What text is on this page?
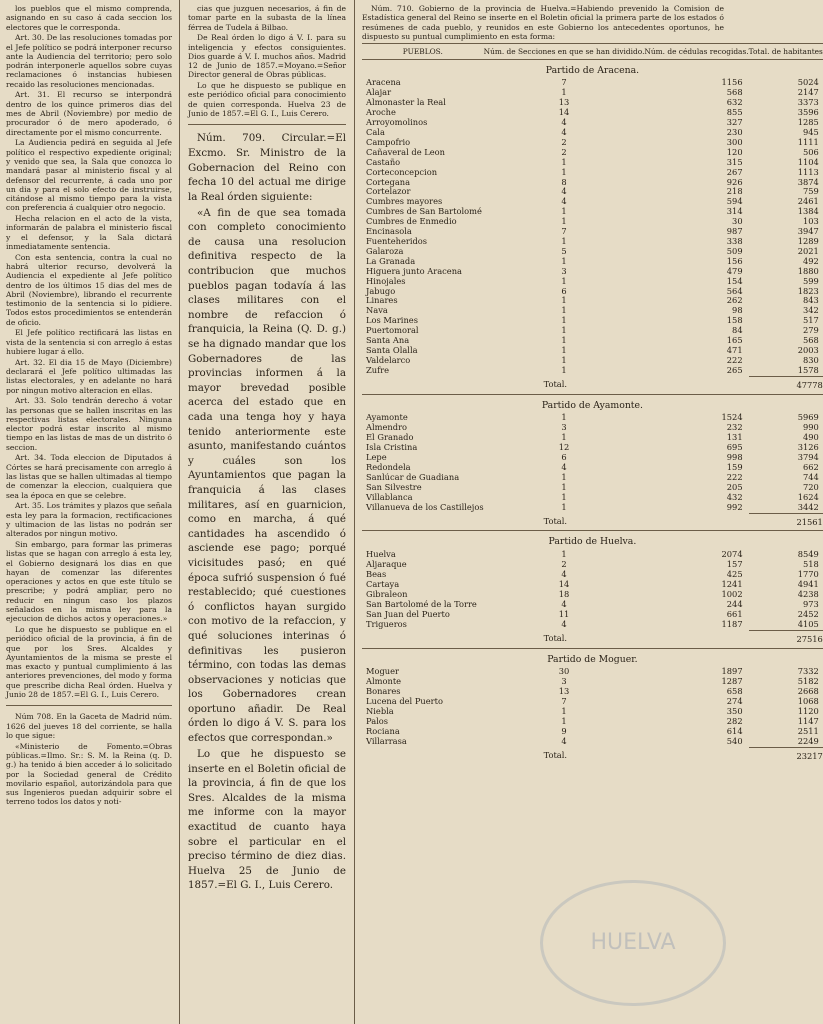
los pueblos que el mismo comprenda, asignando en su caso á cada seccion los electores que le corresponda.

Art. 30. De las resoluciones tomadas por el Jefe político se podrá interponer recurso ante la Audiencia del territorio; pero solo podrán interponerle aquellos sobre cuyas reclamaciones ó instancias hubiesen recaido las resoluciones mencionadas.

Art. 31. El recurso se interpondrá dentro de los quince primeros dias del mes de Abril (Noviembre) por medio de procurador ó de mero apoderado, ó directamente por el mismo concurrente.

La Audiencia pedirá en seguida al Jefe político el respectivo expediente original; y venido que sea, la Sala que conozca lo mandará pasar al ministerio fiscal y al defensor del recurrente, á cada uno por un dia y para el solo efecto de instruirse, citándose al mismo tiempo para la vista con preferencia á cualquier otro negocio.

Hecha relacion en el acto de la vista, informarán de palabra el ministerio fiscal y el defensor, y la Sala dictará inmediatamente sentencia.

Con esta sentencia, contra la cual no habrá ulterior recurso, devolverá la Audiencia el expediente al Jefe político dentro de los últimos 15 dias del mes de Abril (Noviembre), librando el recurrente testimonio de la sentencia si lo pidiere. Todos estos procedimientos se entenderán de oficio.

El Jefe político rectificará las listas en vista de la sentencia si con arreglo á estas hubiere lugar á ello.

Art. 32. El dia 15 de Mayo (Diciembre) declarará el Jefe político ultimadas las listas electorales, y en adelante no hará por ningun motivo alteracion en ellas.

Art. 33. Solo tendrán derecho á votar las personas que se hallen inscritas en las respectivas listas electorales. Ninguna elector podrá estar inscrito al mismo tiempo en las listas de mas de un distrito ó seccion.

Art. 34. Toda eleccion de Diputados á Córtes se hará precisamente con arreglo á las listas que se hallen ultimadas al tiempo de comenzar la eleccion, cualquiera que sea la época en que se celebre.

Art. 35. Los trámites y plazos que señala esta ley para la formacion, rectificaciones y ultimacion de las listas no podrán ser alterados por ningun motivo.

Sin embargo, para formar las primeras listas que se hagan con arreglo á esta ley, el Gobierno designará los dias en que hayan de comenzar las diferentes operaciones y actos en que este título se prescribe; y podrá ampliar, pero no reducir en ningun caso los plazos señalados en la misma ley para la ejecucion de dichos actos y operaciones.»

Lo que he dispuesto se publique en el periódico oficial de la provincia, á fin de que por los Sres. Alcaldes y Ayuntamientos de la misma se preste el mas exacto y puntual cumplimiento á las anteriores prevenciones, del modo y forma que prescribe dicha Real órden. Huelva y Junio 28 de 1857.=El G. I., Luis Cerero.

Núm 708. En la Gaceta de Madrid núm. 1626 del jueves 18 del corriente, se halla lo que sigue:

«Ministerio de Fomento.=Obras públicas.=Ilmo. Sr.: S. M. la Reina (q. D. g.) ha tenido á bien acceder á lo solicitado por la Sociedad general de Crédito movilario español, autorizándola para que sus Ingenieros puedan adquirir sobre el terreno todos los datos y noti-

cias que juzguen necesarios, á fin de tomar parte en la subasta de la línea férrea de Tudela á Bilbao.

De Real órden lo digo á V. I. para su inteligencia y efectos consiguientes. Dios guarde á V. I. muchos años. Madrid 12 de Junio de 1857.=Moyano.=Señor Director general de Obras públicas.

Lo que he dispuesto se publique en este periódico oficial para conocimiento de quien corresponda. Huelva 23 de Junio de 1857.=El G. I., Luis Cerero.

Núm. 709. Circular.=El Excmo. Sr. Ministro de la Gobernacion del Reino con fecha 10 del actual me dirige la Real órden siguiente:

«A fin de que sea tomada con completo conocimiento de causa una resolucion definitiva respecto de la contribucion que muchos pueblos pagan todavía á las clases militares con el nombre de refaccion ó franquicia, la Reina (Q. D. g.) se ha dignado mandar que los Gobernadores de las provincias informen á la mayor brevedad posible acerca del estado que en cada una tenga hoy y haya tenido anteriormente este asunto, manifestando cuántos y cuáles son los Ayuntamientos que pagan la franquicia á las clases militares, así en guarnicion, como en marcha, á qué cantidades ha ascendido ó asciende ese pago; porqué vicisitudes pasó; en qué época sufrió suspension ó fué restablecido; qué cuestiones ó conflictos hayan surgido con motivo de la refaccion, y qué soluciones interinas ó definitivas les pusieron término, con todas las demas observaciones y noticias que los Gobernadores crean oportuno añadir. De Real órden lo digo á V. S. para los efectos que correspondan.»

Lo que he dispuesto se inserte en el Boletin oficial de la provincia, á fin de que los Sres. Alcaldes de la misma me informe con la mayor exactitud de cuanto haya sobre el particular en el preciso término de diez dias. Huelva 25 de Junio de 1857.=El G. I., Luis Cerero.

Núm. 710. Gobierno de la provincia de Huelva.=Habiendo prevenido la Comision de Estadística general del Reino se inserte en el Boletin oficial la primera parte de los estados ó resúmenes de cada pueblo, y reunidos en este Gobierno los antecedentes oportunos, he dispuesto su puntual cumplimiento en esta forma:

PUEBLOS.	Núm. de Secciones en que se han dividido.	Núm. de cédulas recogidas.	Total. de habitantes
Partido de Aracena.			
Aracena	7	1156	5024
Alajar	1	568	2147
Almonaster la Real	13	632	3373
Aroche	14	855	3596
Arroyomolinos	4	327	1285
Cala	4	230	945
Campofrio	2	300	1111
Cañaveral de Leon	2	120	506
Castaño	1	315	1104
Corteconcepcion	1	267	1113
Cortegana	8	926	3874
Cortelazor	4	218	759
Cumbres mayores	4	594	2461
Cumbres de San Bartolomé	1	314	1384
Cumbres de Enmedio	1	30	103
Encinasola	7	987	3947
Fuenteheridos	1	338	1289
Galaroza	5	509	2021
La Granada	1	156	492
Higuera junto Aracena	3	479	1880
Hinojales	1	154	599
Jabugo	6	564	1823
Linares	1	262	843
Nava	1	98	342
Los Marines	1	158	517
Puertomoral	1	84	279
Santa Ana	1	165	568
Santa Olalla	1	471	2003
Valdelarco	1	222	830
Zufre	1	265	1578
Total.			47778
Partido de Ayamonte.			
Ayamonte	1	1524	5969
Almendro	3	232	990
El Granado	1	131	490
Isla Cristina	12	695	3126
Lepe	6	998	3794
Redondela	4	159	662
Sanlúcar de Guadiana	1	222	744
San Silvestre	1	205	720
Villablanca	1	432	1624
Villanueva de los Castillejos	1	992	3442
Total.			21561
Partido de Huelva.			
Huelva	1	2074	8549
Aljaraque	2	157	518
Beas	4	425	1770
Cartaya	14	1241	4941
Gibraleon	18	1002	4238
San Bartolomé de la Torre	4	244	973
San Juan del Puerto	11	661	2452
Trigueros	4	1187	4105
Total.			27516
Partido de Moguer.			
Moguer	30	1897	7332
Almonte	3	1287	5182
Bonares	13	658	2668
Lucena del Puerto	7	274	1068
Niebla	1	350	1120
Palos	1	282	1147
Rociana	9	614	2511
Villarrasa	4	540	2249
Total.			23217
HUELVA
